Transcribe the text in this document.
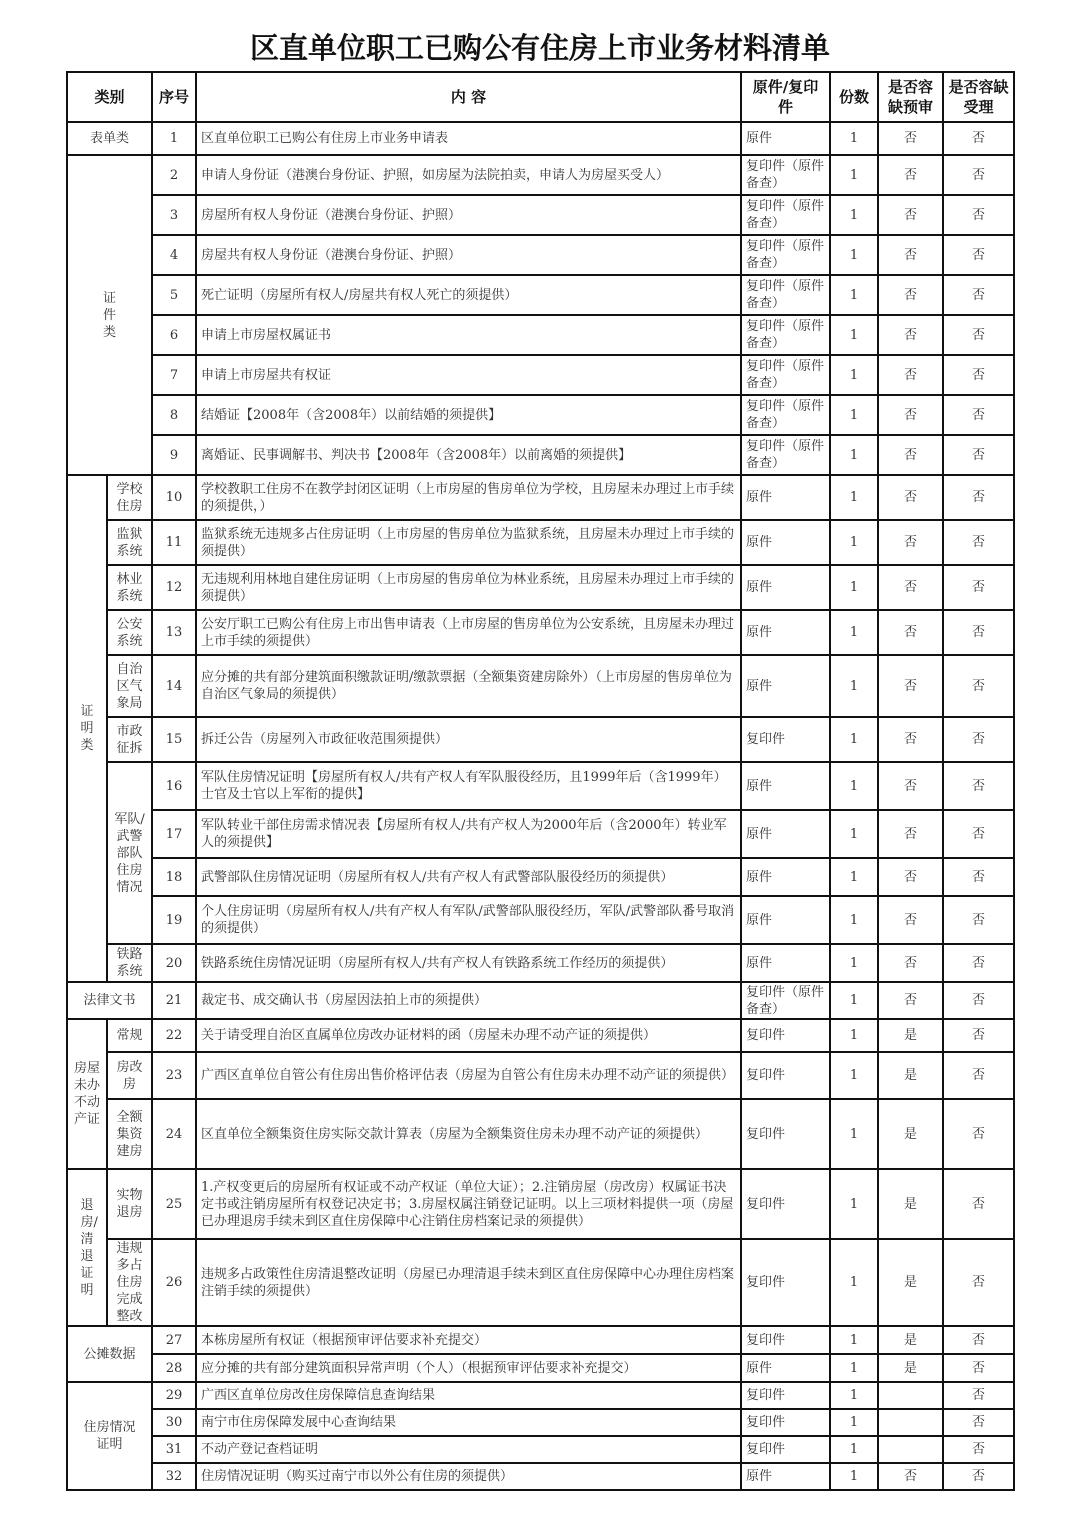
区直单位职工已购公有住房上市业务材料清单
类别		序号	内 容	原件/复印件	份数	是否容缺预审	是否容缺受理
表单类		1	区直单位职工已购公有住房上市业务申请表	原件	1	否	否
证件类		2	申请人身份证（港澳台身份证、护照，如房屋为法院拍卖，申请人为房屋买受人）	复印件（原件备查）	1	否	否
		3	房屋所有权人身份证（港澳台身份证、护照）	复印件（原件备查）	1	否	否
		4	房屋共有权人身份证（港澳台身份证、护照）	复印件（原件备查）	1	否	否
		5	死亡证明（房屋所有权人/房屋共有权人死亡的须提供）	复印件（原件备查）	1	否	否
		6	申请上市房屋权属证书	复印件（原件备查）	1	否	否
		7	申请上市房屋共有权证	复印件（原件备查）	1	否	否
		8	结婚证【2008年（含2008年）以前结婚的须提供】	复印件（原件备查）	1	否	否
		9	离婚证、民事调解书、判决书【2008年（含2008年）以前离婚的须提供】	复印件（原件备查）	1	否	否
证明类	学校住房	10	学校教职工住房不在教学封闭区证明（上市房屋的售房单位为学校，且房屋未办理过上市手续的须提供，）	原件	1	否	否
	监狱系统	11	监狱系统无违规多占住房证明（上市房屋的售房单位为监狱系统，且房屋未办理过上市手续的须提供）	原件	1	否	否
	林业系统	12	无违规利用林地自建住房证明（上市房屋的售房单位为林业系统，且房屋未办理过上市手续的须提供）	原件	1	否	否
	公安系统	13	公安厅职工已购公有住房上市出售申请表（上市房屋的售房单位为公安系统，且房屋未办理过上市手续的须提供）	原件	1	否	否
	自治区气象局	14	应分摊的共有部分建筑面积缴款证明/缴款票据（全额集资建房除外）（上市房屋的售房单位为自治区气象局的须提供）	原件	1	否	否
	市政征拆	15	拆迁公告（房屋列入市政征收范围须提供）	复印件	1	否	否
	军队/武警部队住房情况	16	军队住房情况证明【房屋所有权人/共有产权人有军队服役经历，且1999年后（含1999年）士官及士官以上军衔的提供】	原件	1	否	否
		17	军队转业干部住房需求情况表【房屋所有权人/共有产权人为2000年后（含2000年）转业军人的须提供】	原件	1	否	否
		18	武警部队住房情况证明（房屋所有权人/共有产权人有武警部队服役经历的须提供）	原件	1	否	否
		19	个人住房证明（房屋所有权人/共有产权人有军队/武警部队服役经历，军队/武警部队番号取消的须提供）	原件	1	否	否
	铁路系统	20	铁路系统住房情况证明（房屋所有权人/共有产权人有铁路系统工作经历的须提供）	原件	1	否	否
法律文书		21	裁定书、成交确认书（房屋因法拍上市的须提供）	复印件（原件备查）	1	否	否
房屋未办不动产证	常规	22	关于请受理自治区直属单位房改办证材料的函（房屋未办理不动产证的须提供）	复印件	1	是	否
	房改房	23	广西区直单位自管公有住房出售价格评估表（房屋为自管公有住房未办理不动产证的须提供）	复印件	1	是	否
	全额集资建房	24	区直单位全额集资住房实际交款计算表（房屋为全额集资住房未办理不动产证的须提供）	复印件	1	是	否
退房/清退证明	实物退房	25	1.产权变更后的房屋所有权证或不动产权证（单位大证）；2.注销房屋（房改房）权属证书决定书或注销房屋所有权登记决定书；3.房屋权属注销登记证明。以上三项材料提供一项（房屋已办理退房手续未到区直住房保障中心注销住房档案记录的须提供）	复印件	1	是	否
	违规多占住房完成整改	26	违规多占政策性住房清退整改证明（房屋已办理清退手续未到区直住房保障中心办理住房档案注销手续的须提供）	复印件	1	是	否
公摊数据		27	本栋房屋所有权证（根据预审评估要求补充提交）	复印件	1	是	否
		28	应分摊的共有部分建筑面积异常声明（个人）（根据预审评估要求补充提交）	原件	1	是	否

住房情况证明		29	广西区直单位房改住房保障信息查询结果	复印件	1		否
		30	南宁市住房保障发展中心查询结果	复印件	1		否
		31	不动产登记查档证明	复印件	1		否
		32	住房情况证明（购买过南宁市以外公有住房的须提供）	原件	1	否	否
